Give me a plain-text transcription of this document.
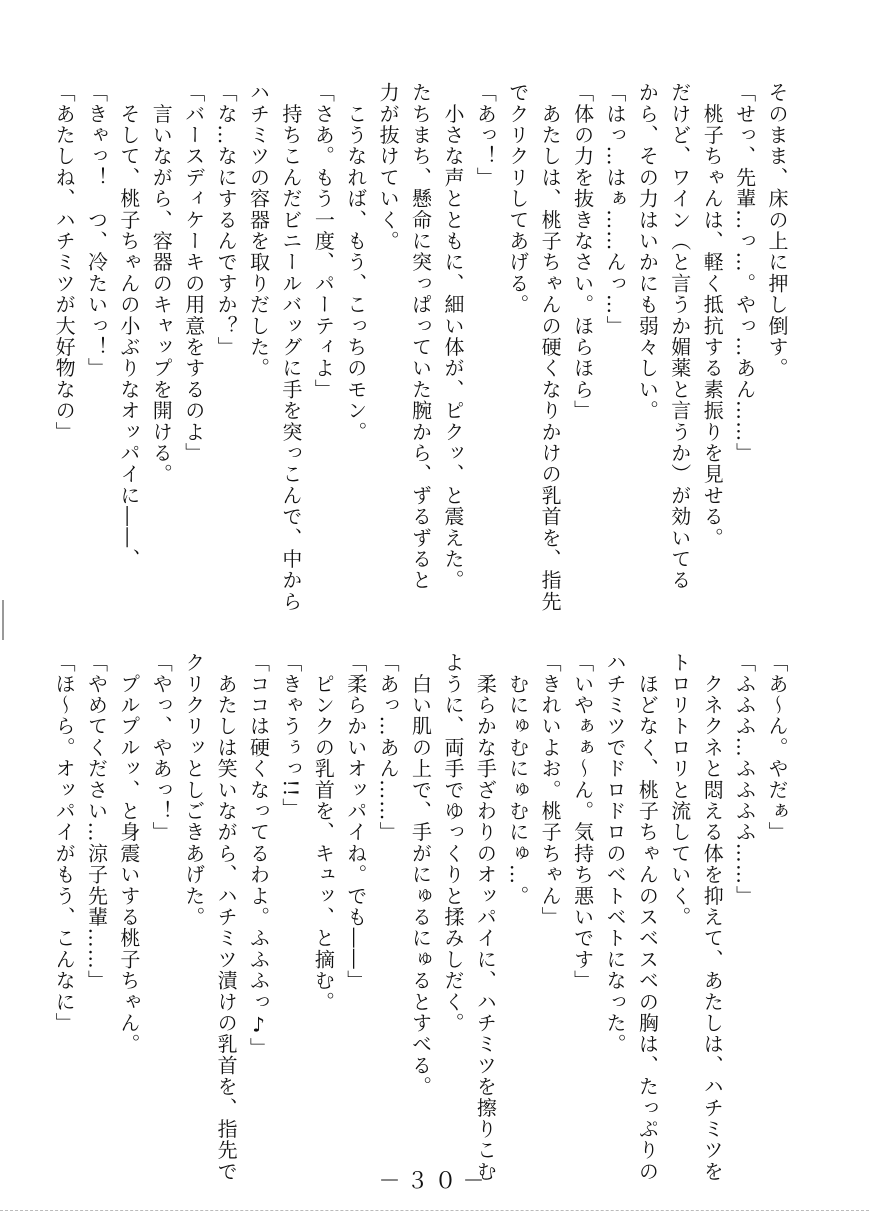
そのまま、床の上に押し倒す。
「せっ、先輩…っ…。やっ…あん……」
　桃子ちゃんは、軽く抵抗する素振りを見せる。
だけど、ワイン（と言うか媚薬と言うか）が効いてる
から、その力はいかにも弱々しい。
「はっ…はぁ……んっ…」
「体の力を抜きなさい。ほらほら」
　あたしは、桃子ちゃんの硬くなりかけの乳首を、指先
でクリクリしてあげる。
「あっ！」
　小さな声とともに、細い体が、ピクッ、と震えた。
たちまち、懸命に突っぱっていた腕から、ずるずると
力が抜けていく。
　こうなれば、もう、こっちのモン。
「さあ。もう一度、パーティよ」
　持ちこんだビニールバッグに手を突っこんで、中から
ハチミツの容器を取りだした。
「な…なにするんですか？」
「バースディケーキの用意をするのよ」
　言いながら、容器のキャップを開ける。
　そして、桃子ちゃんの小ぶりなオッパイに――、
「きゃっ！　つ、冷たいっ！」
「あたしね、ハチミツが大好物なの」
「あ〜ん。やだぁ」
「ふふふ…ふふふふ……」
　クネクネと悶える体を抑えて、あたしは、ハチミツを
トロリトロリと流していく。
　ほどなく、桃子ちゃんのスベスベの胸は、たっぷりの
ハチミツでドロドロのベトベトになった。
「いやぁぁ〜ん。気持ち悪いです」
「きれいよお。桃子ちゃん」
　むにゅむにゅむにゅ…。
　柔らかな手ざわりのオッパイに、ハチミツを擦りこむ
ように、両手でゆっくりと揉みしだく。
　白い肌の上で、手がにゅるにゅるとすべる。
「あっ…あん……」
「柔らかいオッパイね。でも――」
　ピンクの乳首を、キュッ、と摘む。
「きゃうぅっ!!」
「ココは硬くなってるわよ。ふふふっ♪」
　あたしは笑いながら、ハチミツ漬けの乳首を、指先で
クリクリッとしごきあげた。
「やっ、やあっ！」
　プルプルッ、と身震いする桃子ちゃん。
「やめてください…涼子先輩……」
「ほ〜ら。オッパイがもう、こんなに」
－３０－
